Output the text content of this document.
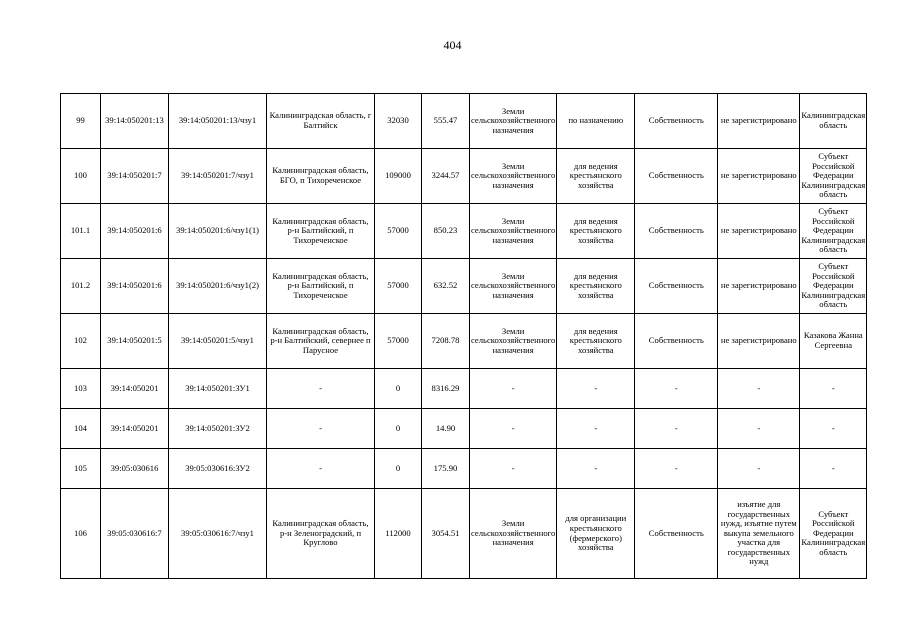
404
99	39:14:050201:13	39:14:050201:13/чзу1	Калининградская область, г Балтийск	32030	555.47	Земли сельскохозяйственного назначения	по назначению	Собственность	не зарегистрировано	Калининградская область
100	39:14:050201:7	39:14:050201:7/чзу1	Калининградская область, БГО, п Тихореченское	109000	3244.57	Земли сельскохозяйственного назначения	для ведения крестьянского хозяйства	Собственность	не зарегистрировано	Субъект Российской Федерации Калининградская область
101.1	39:14:050201:6	39:14:050201:6/чзу1(1)	Калининградская область, р-н Балтийский, п Тихореченское	57000	850.23	Земли сельскохозяйственного назначения	для ведения крестьянского хозяйства	Собственность	не зарегистрировано	Субъект Российской Федерации Калининградская область
101.2	39:14:050201:6	39:14:050201:6/чзу1(2)	Калининградская область, р-н Балтийский, п Тихореченское	57000	632.52	Земли сельскохозяйственного назначения	для ведения крестьянского хозяйства	Собственность	не зарегистрировано	Субъект Российской Федерации Калининградская область
102	39:14:050201:5	39:14:050201:5/чзу1	Калининградская область, р-н Балтийский, севернее п Парусное	57000	7208.78	Земли сельскохозяйственного назначения	для ведения крестьянского хозяйства	Собственность	не зарегистрировано	Казакова Жанна Сергеевна
103	39:14:050201	39:14:050201:ЗУ1	-	0	8316.29	-	-	-	-	-
104	39:14:050201	39:14:050201:ЗУ2	-	0	14.90	-	-	-	-	-
105	39:05:030616	39:05:030616:ЗУ2	-	0	175.90	-	-	-	-	-
106	39:05:030616:7	39:05:030616:7/чзу1	Калининградская область, р-н Зеленоградский, п Круглово	112000	3054.51	Земли сельскохозяйственного назначения	для организации крестьянского (фермерского) хозяйства	Собственность	изъятие для государственных нужд, изъятие путем выкупа земельного участка для государственных нужд	Субъект Российской Федерации Калининградская область
